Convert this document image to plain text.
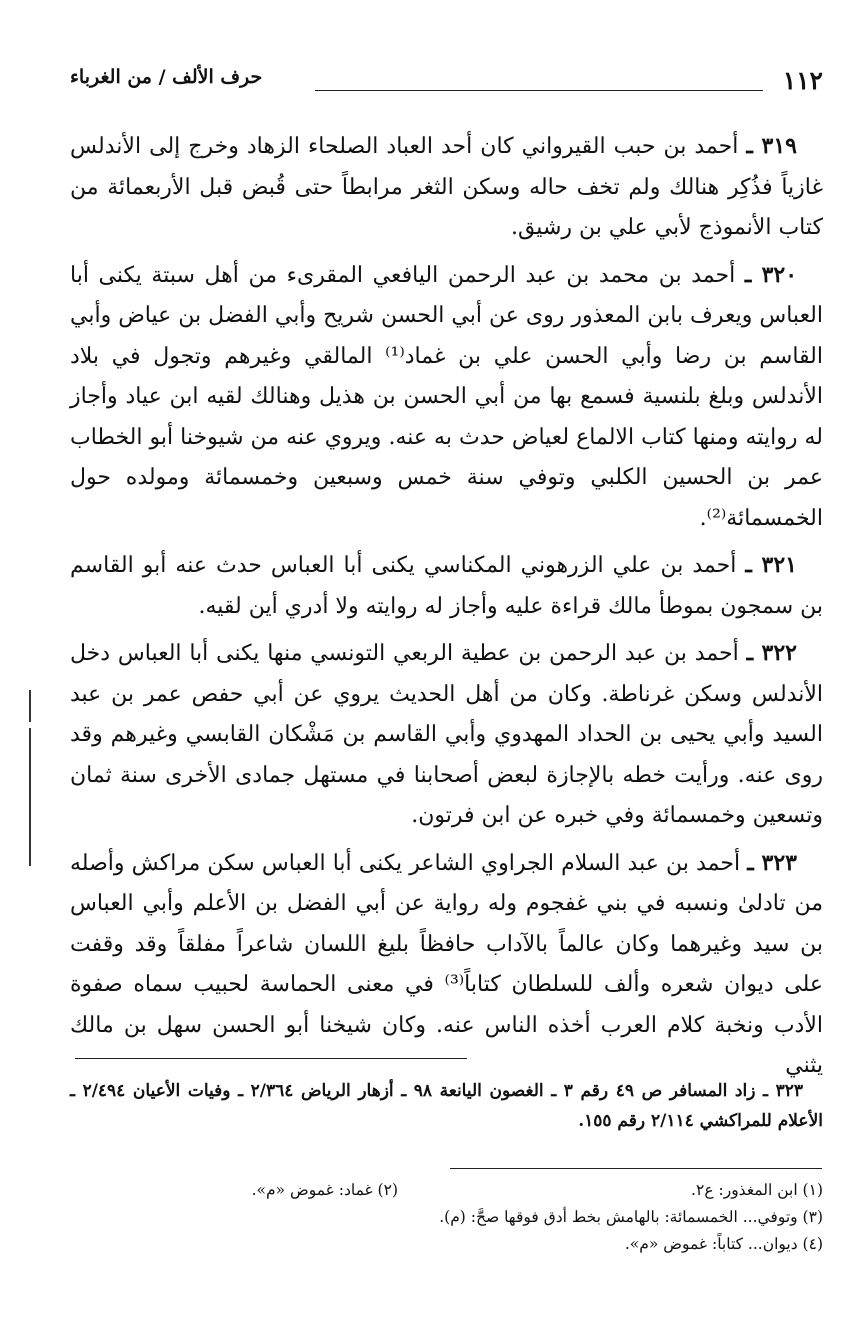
١١٢
حرف الألف / من الغرباء

٣١٩ ـ أحمد بن حبب القيرواني كان أحد العباد الصلحاء الزهاد وخرج إلى الأندلس غازياً فذُكِر هنالك ولم تخف حاله وسكن الثغر مرابطاً حتى قُبض قبل الأربعمائة من كتاب الأنموذج لأبي علي بن رشيق.

٣٢٠ ـ أحمد بن محمد بن عبد الرحمن اليافعي المقرىء من أهل سبتة يكنى أبا العباس ويعرف بابن المعذور روى عن أبي الحسن شريح وأبي الفضل بن عياض وأبي القاسم بن رضا وأبي الحسن علي بن غماد⁽¹⁾ المالقي وغيرهم وتجول في بلاد الأندلس وبلغ بلنسية فسمع بها من أبي الحسن بن هذيل وهنالك لقيه ابن عياد وأجاز له روايته ومنها كتاب الالماع لعياض حدث به عنه. ويروي عنه من شيوخنا أبو الخطاب عمر بن الحسين الكلبي وتوفي سنة خمس وسبعين وخمسمائة ومولده حول الخمسمائة⁽²⁾.

٣٢١ ـ أحمد بن علي الزرهوني المكناسي يكنى أبا العباس حدث عنه أبو القاسم بن سمجون بموطأ مالك قراءة عليه وأجاز له روايته ولا أدري أين لقيه.

٣٢٢ ـ أحمد بن عبد الرحمن بن عطية الربعي التونسي منها يكنى أبا العباس دخل الأندلس وسكن غرناطة. وكان من أهل الحديث يروي عن أبي حفص عمر بن عبد السيد وأبي يحيى بن الحداد المهدوي وأبي القاسم بن مَشْكان القابسي وغيرهم وقد روى عنه. ورأيت خطه بالإجازة لبعض أصحابنا في مستهل جمادى الأخرى سنة ثمان وتسعين وخمسمائة وفي خبره عن ابن فرتون.

٣٢٣ ـ أحمد بن عبد السلام الجراوي الشاعر يكنى أبا العباس سكن مراكش وأصله من تادلىٰ ونسبه في بني غفجوم وله رواية عن أبي الفضل بن الأعلم وأبي العباس بن سيد وغيرهما وكان عالماً بالآداب حافظاً بليغ اللسان شاعراً مفلقاً وقد وقفت على ديوان شعره وألف للسلطان كتاباً⁽³⁾ في معنى الحماسة لحبيب سماه صفوة الأدب ونخبة كلام العرب أخذه الناس عنه. وكان شيخنا أبو الحسن سهل بن مالك يثني

٣٢٣ ـ زاد المسافر ص ٤٩ رقم ٣ ـ الغصون اليانعة ٩٨ ـ أزهار الرياض ٢/٣٦٤ ـ وفيات الأعيان ٢/٤٩٤ ـ الأعلام للمراكشي ٢/١١٤ رقم ١٥٥.
(١) ابن المغذور: ع٢.
(٢) غماد: غموض «م».
(٣) وتوفي... الخمسمائة: بالهامش بخط أدق فوقها صحَّ: (م).
(٤) ديوان... كتاباً: غموض «م».
